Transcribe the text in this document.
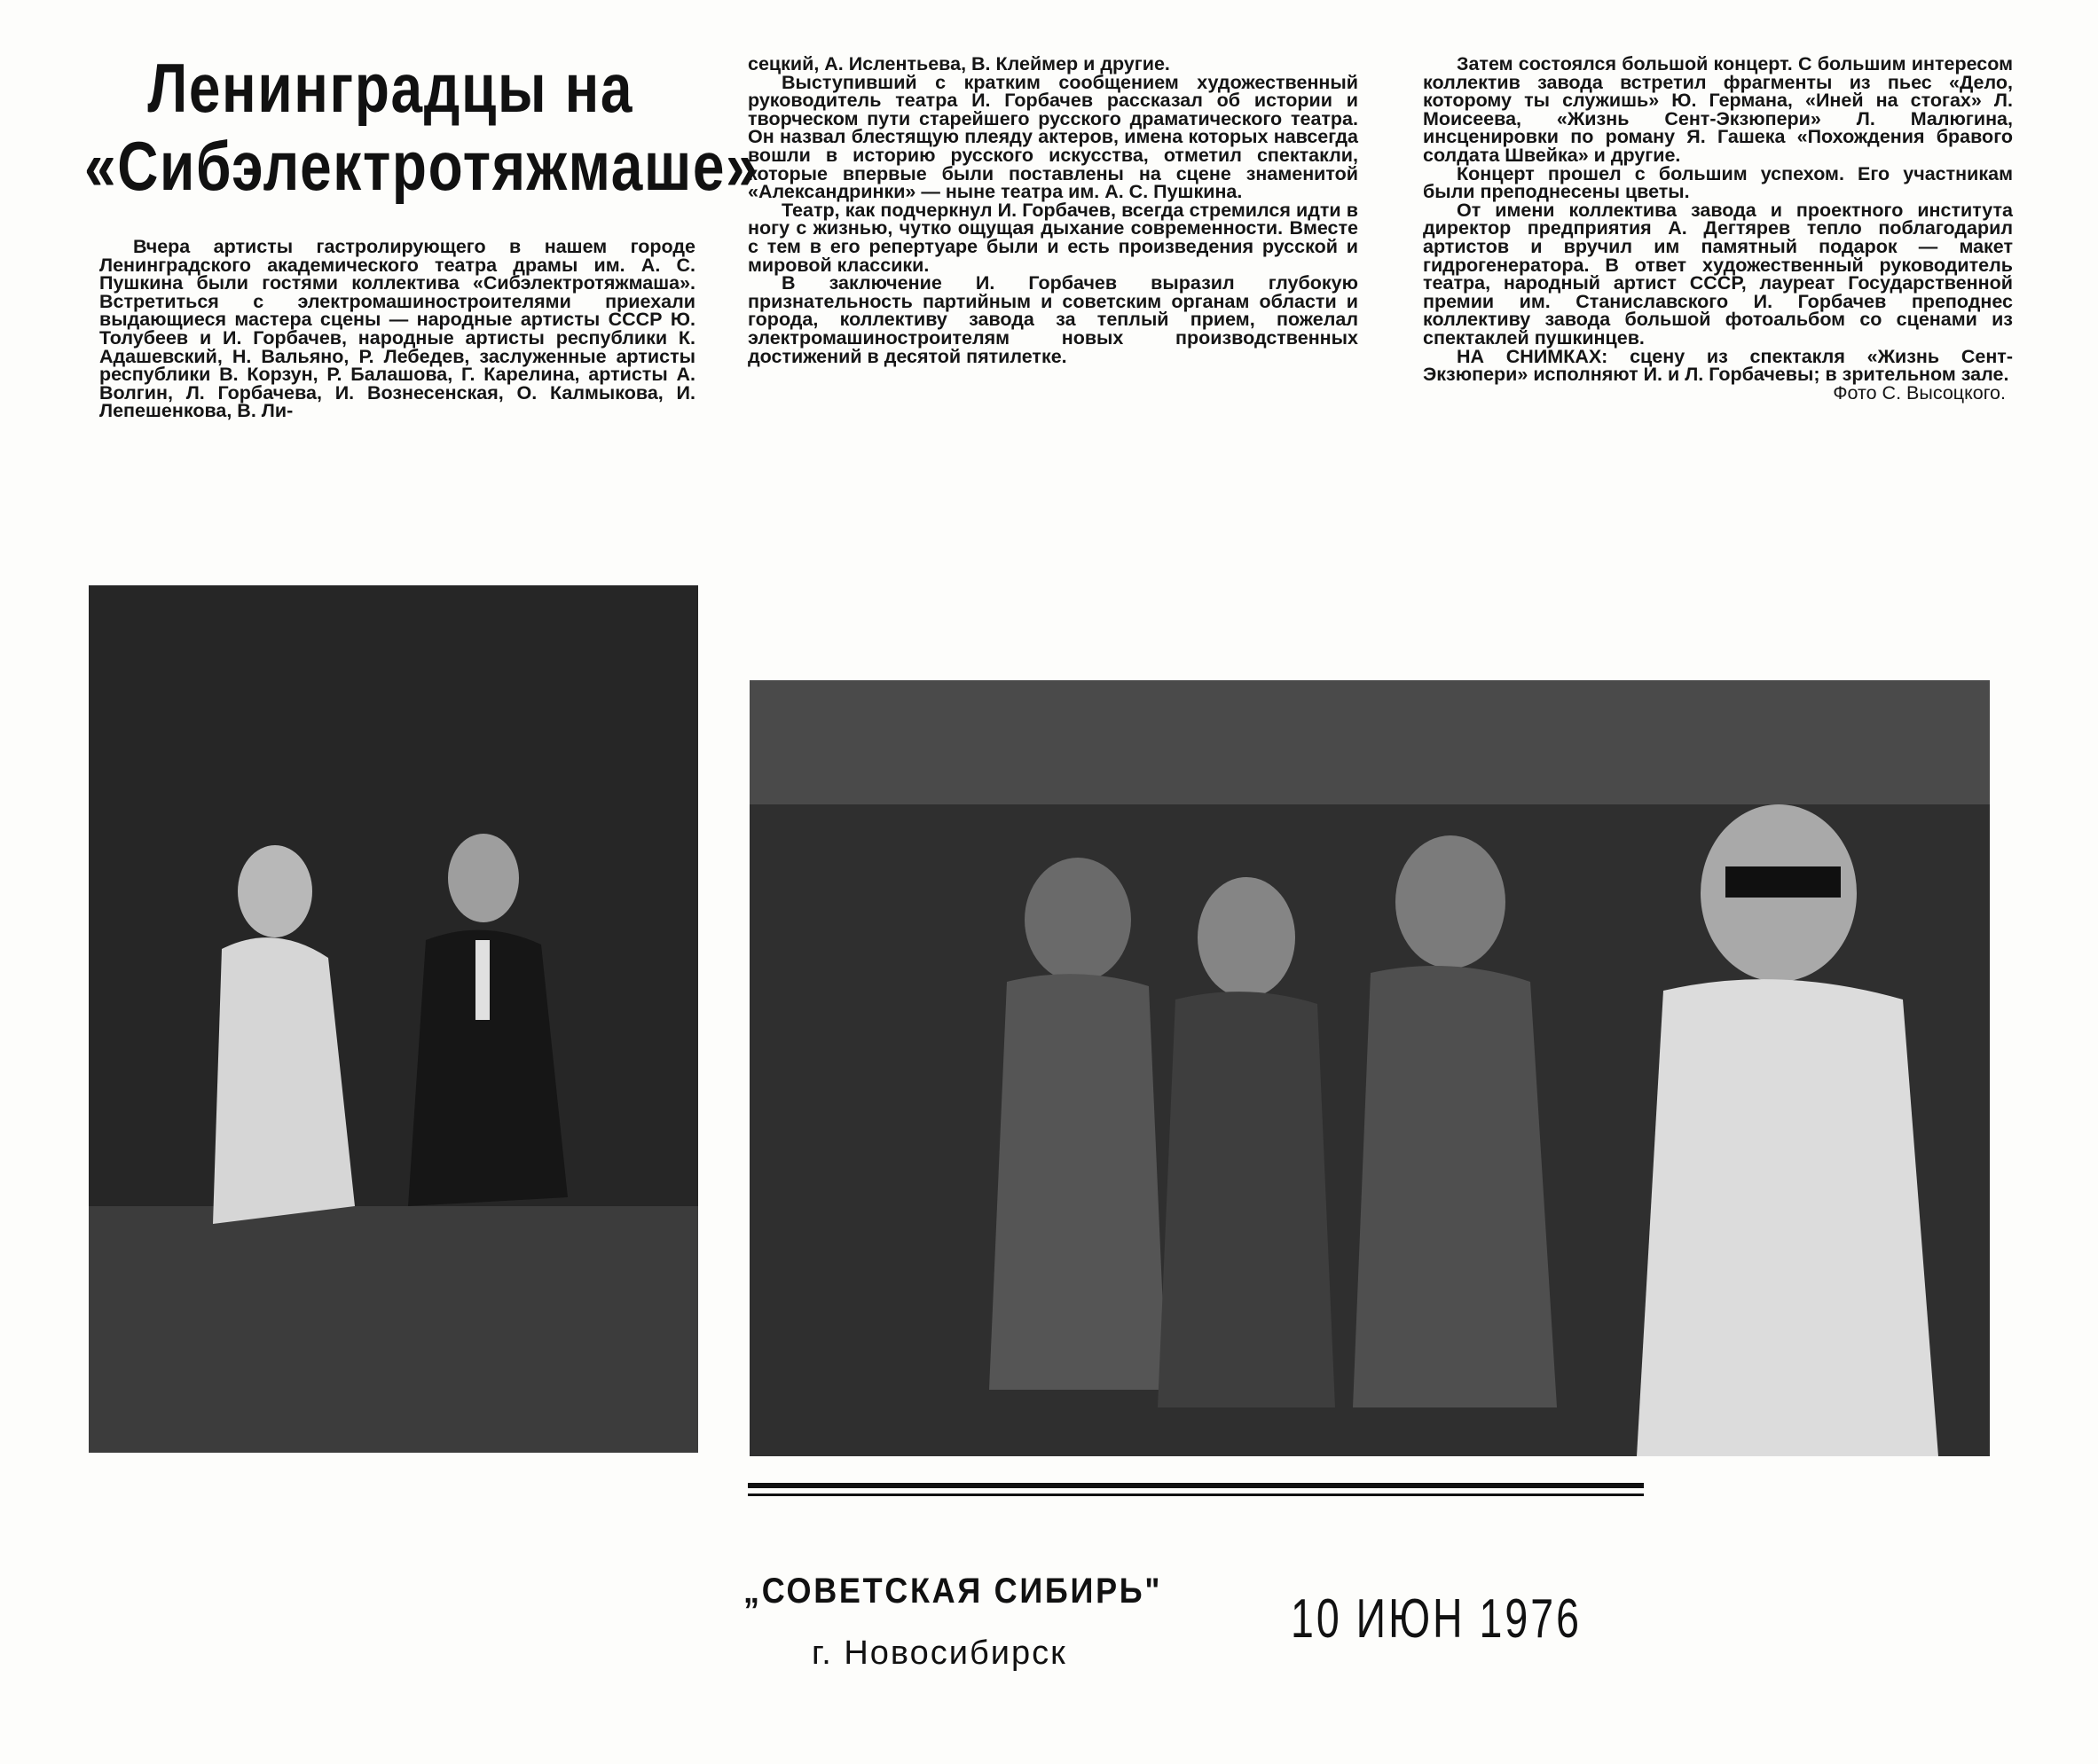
Ленинградцы на «Сибэлектротяжмаше»

Вчера артисты гастролирующего в нашем городе Ленинградского академического театра драмы им. А. С. Пушкина были гостями коллектива «Сибэлектротяжмаша». Встретиться с электромашиностроителями приехали выдающиеся мастера сцены — народные артисты СССР Ю. Толубеев и И. Горбачев, народные артисты республики К. Адашевский, Н. Вальяно, Р. Лебедев, заслуженные артисты республики В. Корзун, Р. Балашова, Г. Карелина, артисты А. Волгин, Л. Горбачева, И. Вознесенская, О. Калмыкова, И. Лепешенкова, В. Ли-

сецкий, А. Ислентьева, В. Клеймер и другие.

Выступивший с кратким сообщением художественный руководитель театра И. Горбачев рассказал об истории и творческом пути старейшего русского драматического театра. Он назвал блестящую плеяду актеров, имена которых навсегда вошли в историю русского искусства, отметил спектакли, которые впервые были поставлены на сцене знаменитой «Александринки» — ныне театра им. А. С. Пушкина.

Театр, как подчеркнул И. Горбачев, всегда стремился идти в ногу с жизнью, чутко ощущая дыхание современности. Вместе с тем в его репертуаре были и есть произведения русской и мировой классики.

В заключение И. Горбачев выразил глубокую признательность партийным и советским органам области и города, коллективу завода за теплый прием, пожелал электромашиностроителям новых производственных достижений в десятой пятилетке.

Затем состоялся большой концерт. С большим интересом коллектив завода встретил фрагменты из пьес «Дело, которому ты служишь» Ю. Германа, «Иней на стогах» Л. Моисеева, «Жизнь Сент-Экзюпери» Л. Малюгина, инсценировки по роману Я. Гашека «Похождения бравого солдата Швейка» и другие.

Концерт прошел с большим успехом. Его участникам были преподнесены цветы.

От имени коллектива завода и проектного института директор предприятия А. Дегтярев тепло поблагодарил артистов и вручил им памятный подарок — макет гидрогенератора. В ответ художественный руководитель театра, народный артист СССР, лауреат Государственной премии им. Станиславского И. Горбачев преподнес коллективу завода большой фотоальбом со сценами из спектаклей пушкинцев.

НА СНИМКАХ: сцену из спектакля «Жизнь Сент-Экзюпери» исполняют И. и Л. Горбачевы; в зрительном зале.

Фото С. Высоцкого.
„СОВЕТСКАЯ СИБИРЬ"
г. Новосибирск
10 ИЮН 1976
